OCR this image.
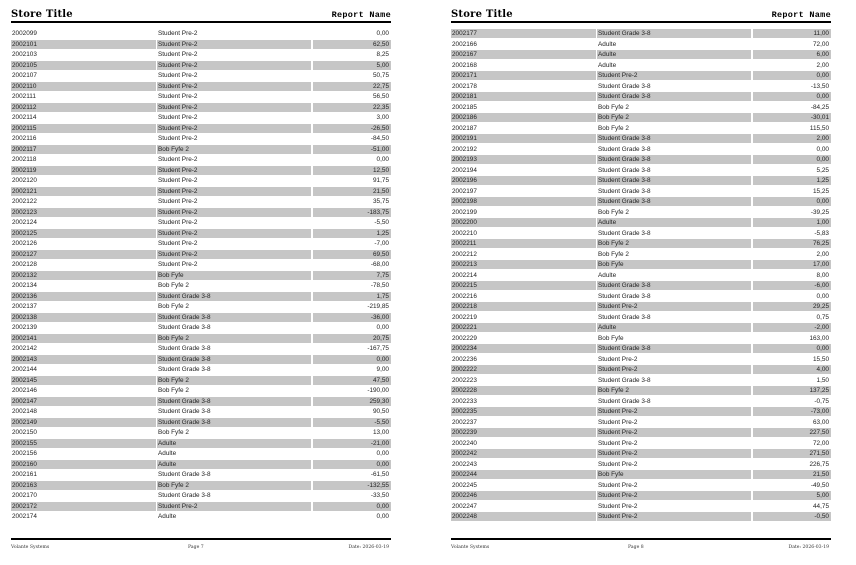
Store Title	Report Name
2002099	Student Pre-2	0,00
2002101	Student Pre-2	62,50
2002103	Student Pre-2	8,25
2002105	Student Pre-2	5,00
2002107	Student Pre-2	50,75
2002110	Student Pre-2	22,75
2002111	Student Pre-2	56,50
2002112	Student Pre-2	22,35
2002114	Student Pre-2	3,00
2002115	Student Pre-2	-26,50
2002116	Student Pre-2	-84,50
2002117	Bob Fyfe 2	-51,00
2002118	Student Pre-2	0,00
2002119	Student Pre-2	12,50
2002120	Student Pre-2	91,75
2002121	Student Pre-2	21,50
2002122	Student Pre-2	35,75
2002123	Student Pre-2	-183,75
2002124	Student Pre-2	-5,50
2002125	Student Pre-2	1,25
2002126	Student Pre-2	-7,00
2002127	Student Pre-2	69,50
2002128	Student Pre-2	-68,00
2002132	Bob Fyfe	7,75
2002134	Bob Fyfe 2	-78,50
2002136	Student Grade 3-8	1,75
2002137	Bob Fyfe 2	-219,85
2002138	Student Grade 3-8	-36,00
2002139	Student Grade 3-8	0,00
2002141	Bob Fyfe 2	20,75
2002142	Student Grade 3-8	-167,75
2002143	Student Grade 3-8	0,00
2002144	Student Grade 3-8	9,00
2002145	Bob Fyfe 2	47,50
2002146	Bob Fyfe 2	-190,00
2002147	Student Grade 3-8	259,30
2002148	Student Grade 3-8	90,50
2002149	Student Grade 3-8	-5,50
2002150	Bob Fyfe 2	13,00
2002155	Adulte	-21,00
2002156	Adulte	0,00
2002160	Adulte	0,00
2002161	Student Grade 3-8	-61,50
2002163	Bob Fyfe 2	-132,55
2002170	Student Grade 3-8	-33,50
2002172	Student Pre-2	0,00
2002174	Adulte	0,00
Volante Systems	Page 7	Date: 2026-03-19
Store Title	Report Name
2002177	Student Grade 3-8	11,00
2002166	Adulte	72,00
2002167	Adulte	6,00
2002168	Adulte	2,00
2002171	Student Pre-2	0,00
2002178	Student Grade 3-8	-13,50
2002181	Student Grade 3-8	0,00
2002185	Bob Fyfe 2	-84,25
2002186	Bob Fyfe 2	-30,01
2002187	Bob Fyfe 2	115,50
2002191	Student Grade 3-8	2,00
2002192	Student Grade 3-8	0,00
2002193	Student Grade 3-8	0,00
2002194	Student Grade 3-8	5,25
2002196	Student Grade 3-8	1,25
2002197	Student Grade 3-8	15,25
2002198	Student Grade 3-8	0,00
2002199	Bob Fyfe 2	-39,25
2002200	Adulte	1,00
2002210	Student Grade 3-8	-5,83
2002211	Bob Fyfe 2	76,25
2002212	Bob Fyfe 2	2,00
2002213	Bob Fyfe	17,00
2002214	Adulte	8,00
2002215	Student Grade 3-8	-6,00
2002216	Student Grade 3-8	0,00
2002218	Student Pre-2	29,25
2002219	Student Grade 3-8	0,75
2002221	Adulte	-2,00
2002229	Bob Fyfe	163,00
2002234	Student Grade 3-8	0,00
2002236	Student Pre-2	15,50
2002222	Student Pre-2	4,00
2002223	Student Grade 3-8	1,50
2002228	Bob Fyfe 2	137,25
2002233	Student Grade 3-8	-0,75
2002235	Student Pre-2	-73,00
2002237	Student Pre-2	63,00
2002239	Student Pre-2	227,50
2002240	Student Pre-2	72,00
2002242	Student Pre-2	271,50
2002243	Student Pre-2	226,75
2002244	Bob Fyfe	21,50
2002245	Student Pre-2	-49,50
2002246	Student Pre-2	5,00
2002247	Student Pre-2	44,75
2002248	Student Pre-2	-0,50
Volante Systems	Page 8	Date: 2026-03-19
